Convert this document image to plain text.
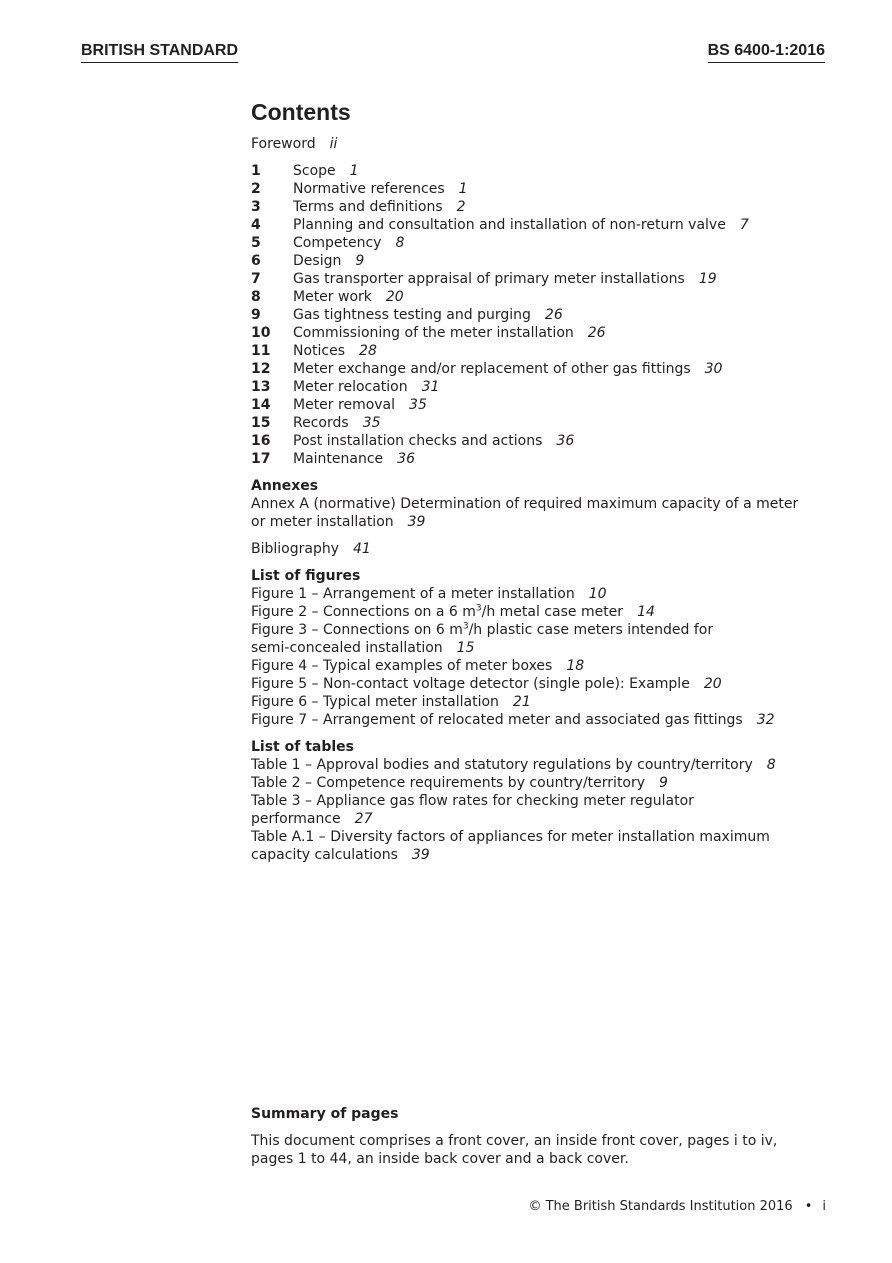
BRITISH STANDARD	BS 6400-1:2016
Contents
Foreword ii
1	Scope 1
2	Normative references 1
3	Terms and definitions 2
4	Planning and consultation and installation of non-return valve 7
5	Competency 8
6	Design 9
7	Gas transporter appraisal of primary meter installations 19
8	Meter work 20
9	Gas tightness testing and purging 26
10	Commissioning of the meter installation 26
11	Notices 28
12	Meter exchange and/or replacement of other gas fittings 30
13	Meter relocation 31
14	Meter removal 35
15	Records 35
16	Post installation checks and actions 36
17	Maintenance 36
Annexes
Annex A (normative) Determination of required maximum capacity of a meter
or meter installation 39
Bibliography 41
List of figures
Figure 1 – Arrangement of a meter installation 10
Figure 2 – Connections on a 6 $m^3/h$ metal case meter 14
Figure 3 – Connections on 6 $m^3/h$ plastic case meters intended for
semi-concealed installation 15
Figure 4 – Typical examples of meter boxes 18
Figure 5 – Non-contact voltage detector (single pole): Example 20
Figure 6 – Typical meter installation 21
Figure 7 – Arrangement of relocated meter and associated gas fittings 32
List of tables
Table 1 – Approval bodies and statutory regulations by country/territory 8
Table 2 – Competence requirements by country/territory 9
Table 3 – Appliance gas flow rates for checking meter regulator
performance 27
Table A.1 – Diversity factors of appliances for meter installation maximum
capacity calculations 39
Summary of pages
This document comprises a front cover, an inside front cover, pages i to iv,
pages 1 to 44, an inside back cover and a back cover.
© The British Standards Institution 2016 • i
